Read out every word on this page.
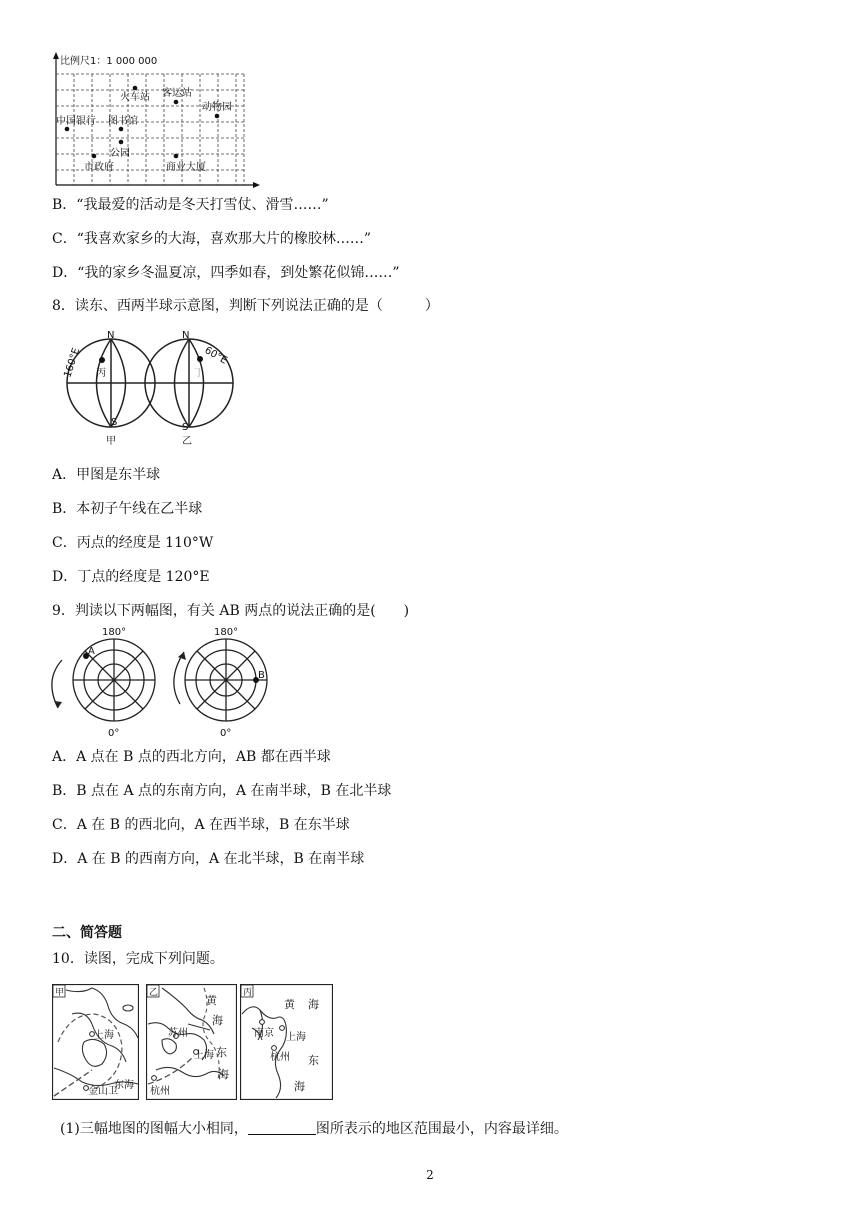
比例尺1：1 000 000
火车站 客运站
动物园
中国银行 图书馆
公园
市政府	商业大厦
B．“我最爱的活动是冬天打雪仗、滑雪……”
C．“我喜欢家乡的大海，喜欢那大片的橡胶林……”
D．“我的家乡冬温夏凉，四季如春，到处繁花似锦……”
8．读东、西两半球示意图，判断下列说法正确的是（　　　）
N	N
S	S
丙	丁
160°E	60°E
甲	乙
A．甲图是东半球
B．本初子午线在乙半球
C．丙点的经度是 110°W
D．丁点的经度是 120°E
9．判读以下两幅图，有关 AB 两点的说法正确的是(　　)
180°	180°
0°	0°
A
B
A．A 点在 B 点的西北方向，AB 都在西半球
B．B 点在 A 点的东南方向，A 在南半球，B 在北半球
C．A 在 B 的西北向，A 在西半球，B 在东半球
D．A 在 B 的西南方向，A 在北半球，B 在南半球
二、简答题
10．读图，完成下列问题。
甲
上海
东海
金山卫
乙
黄
海
苏州
上海 东
海
杭州
丙
黄 海
南京 上海
杭州 东
海
(1)三幅地图的图幅大小相同，	图所表示的地区范围最小，内容最详细。
2
